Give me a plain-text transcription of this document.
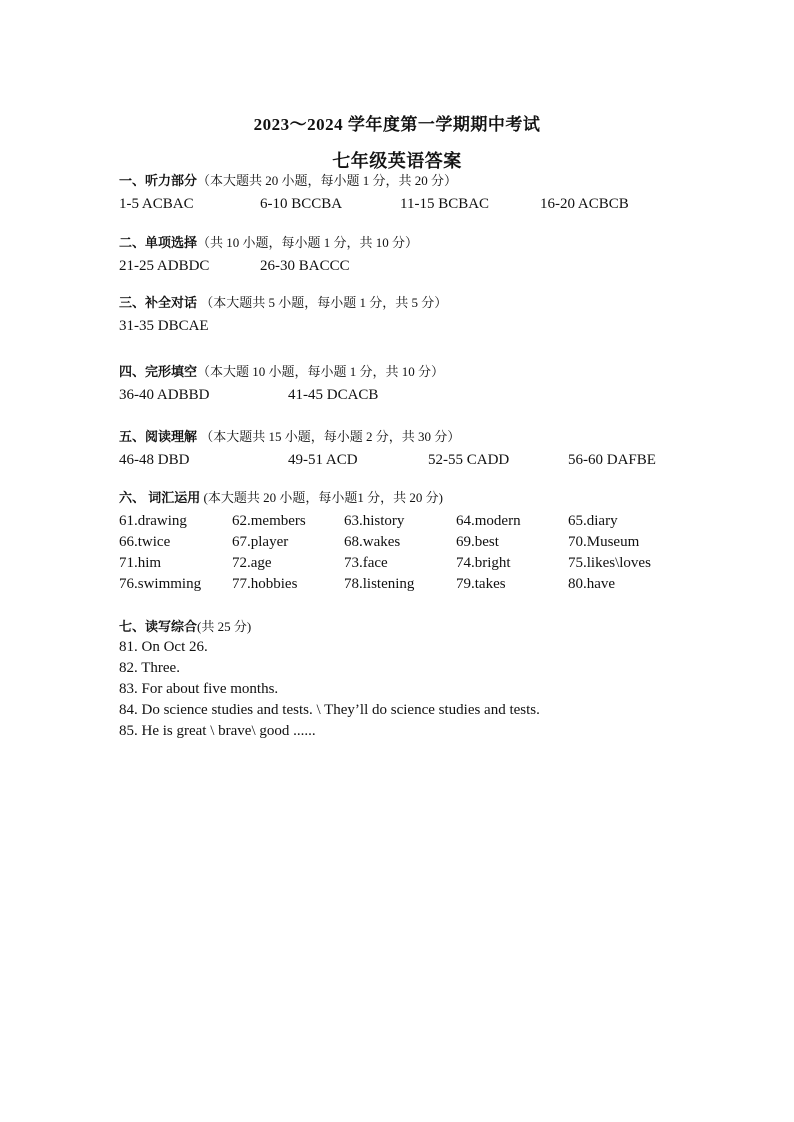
2023～2024 学年度第一学期期中考试
七年级英语答案
一、听力部分（本大题共 20 小题，每小题 1 分，共 20 分）
1-5 ACBAC	6-10 BCCBA	11-15 BCBAC	16-20 ACBCB
二、单项选择（共 10 小题，每小题 1 分，共 10 分）
21-25 ADBDC	26-30 BACCC
三、补全对话 （本大题共 5 小题，每小题 1 分，共 5 分）
31-35 DBCAE
四、完形填空（本大题 10 小题，每小题 1 分，共 10 分）
36-40 ADBBD	41-45 DCACB
五、阅读理解 （本大题共 15 小题，每小题 2 分，共 30 分）
46-48 DBD	49-51 ACD	52-55 CADD	56-60 DAFBE
六、 词汇运用 (本大题共 20 小题，每小题1 分，共 20 分)
61.drawing	62.members	63.history	64.modern	65.diary
66.twice	67.player	68.wakes	69.best	70.Museum
71.him	72.age	73.face	74.bright	75.likes\loves
76.swimming 77.hobbies	78.listening	79.takes	80.have
七、读写综合(共 25 分)
81. On Oct 26.
82. Three.
83. For about five months.
84. Do science studies and tests. \ They’ll do science studies and tests.
85. He is great \ brave\ good ......
